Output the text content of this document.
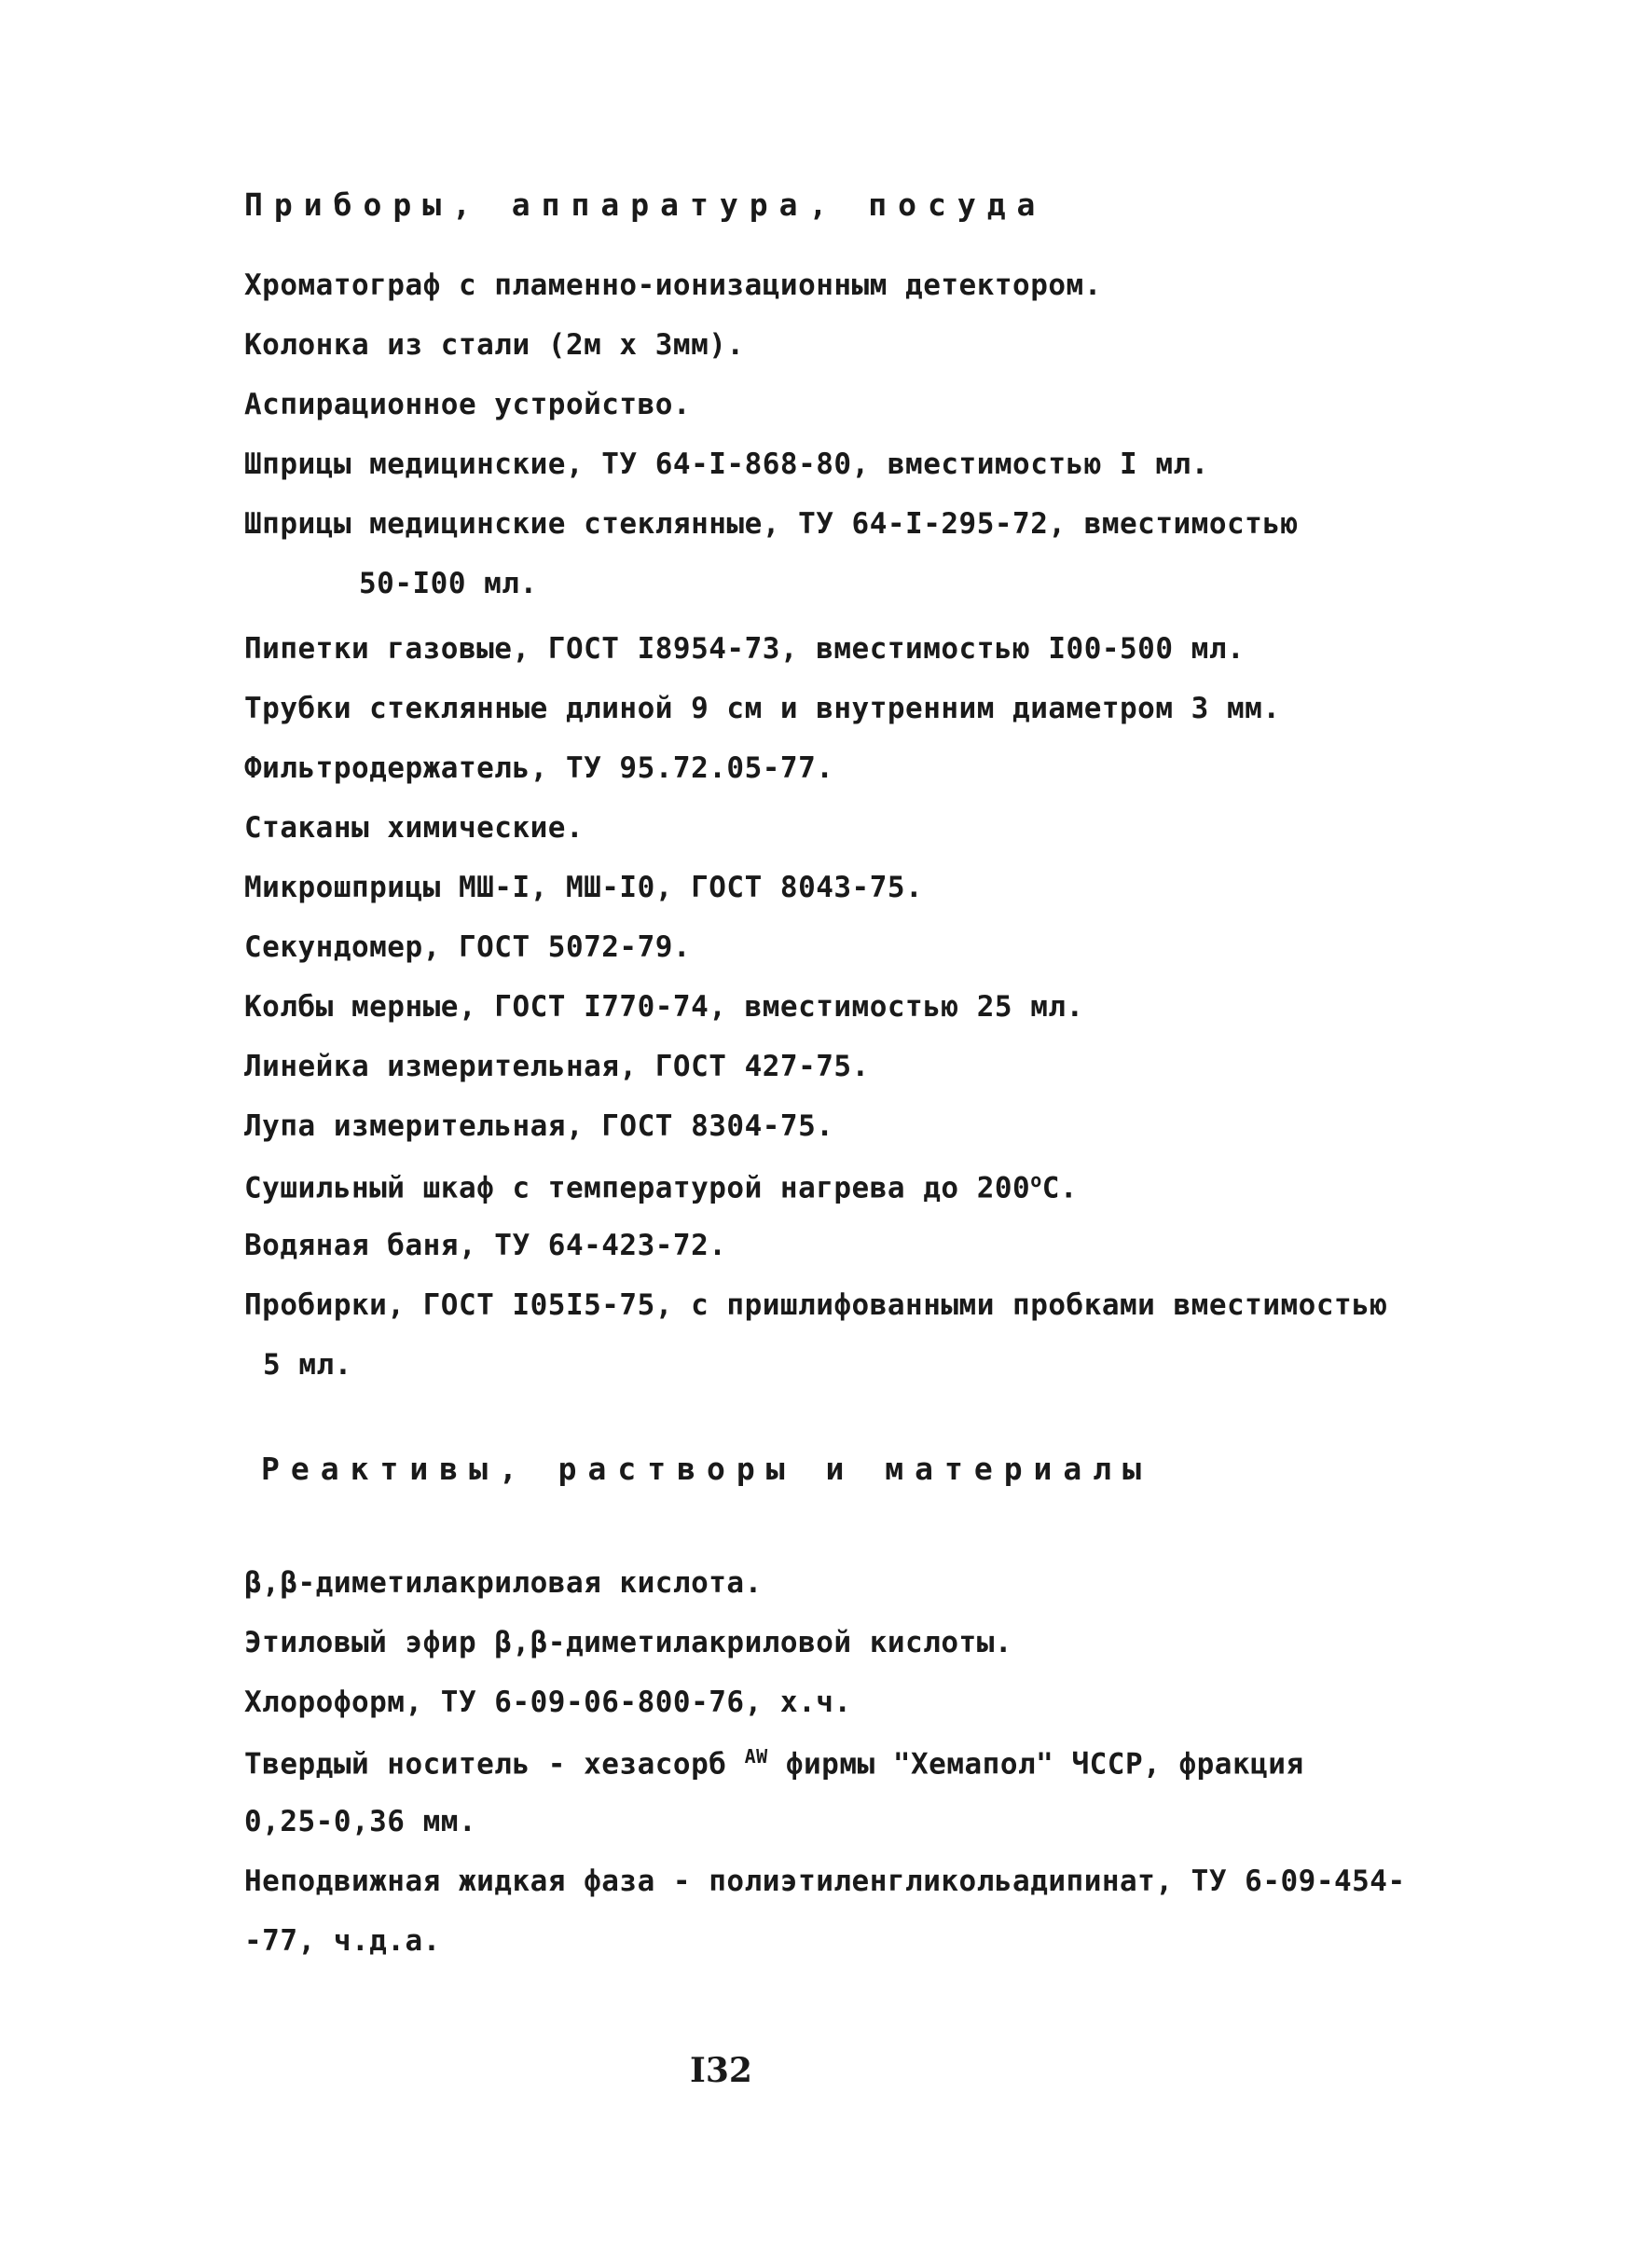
Приборы, аппаратура, посуда
Хроматограф с пламенно-ионизационным детектором.
Колонка из стали (2м х 3мм).
Аспирационное устройство.
Шприцы медицинские, ТУ 64-I-868-80, вместимостью I мл.
Шприцы медицинские стеклянные, ТУ 64-I-295-72, вместимостью
50-I00 мл.
Пипетки газовые, ГОСТ I8954-73, вместимостью I00-500 мл.
Трубки стеклянные длиной 9 см и внутренним диаметром 3 мм.
Фильтродержатель, ТУ 95.72.05-77.
Стаканы химические.
Микрошприцы МШ-I, МШ-I0, ГОСТ 8043-75.
Секундомер, ГОСТ 5072-79.
Колбы мерные, ГОСТ I770-74, вместимостью 25 мл.
Линейка измерительная, ГОСТ 427-75.
Лупа измерительная, ГОСТ 8304-75.
Сушильный шкаф с температурой нагрева до $200^оС$.
Водяная баня, ТУ 64-423-72.
Пробирки, ГОСТ I05I5-75, с пришлифованными пробками вместимостью
5 мл.
Реактивы, растворы и материалы
β,β-диметилакриловая кислота.
Этиловый эфир β,β-диметилакриловой кислоты.
Хлороформ, ТУ 6-09-06-800-76, х.ч.
Твердый носитель - хезасорб $^{AW}$ фирмы "Хемапол" ЧССР, фракция
0,25-0,36 мм.
Неподвижная жидкая фаза - полиэтиленгликольадипинат, ТУ 6-09-454-
-77, ч.д.а.
I32
